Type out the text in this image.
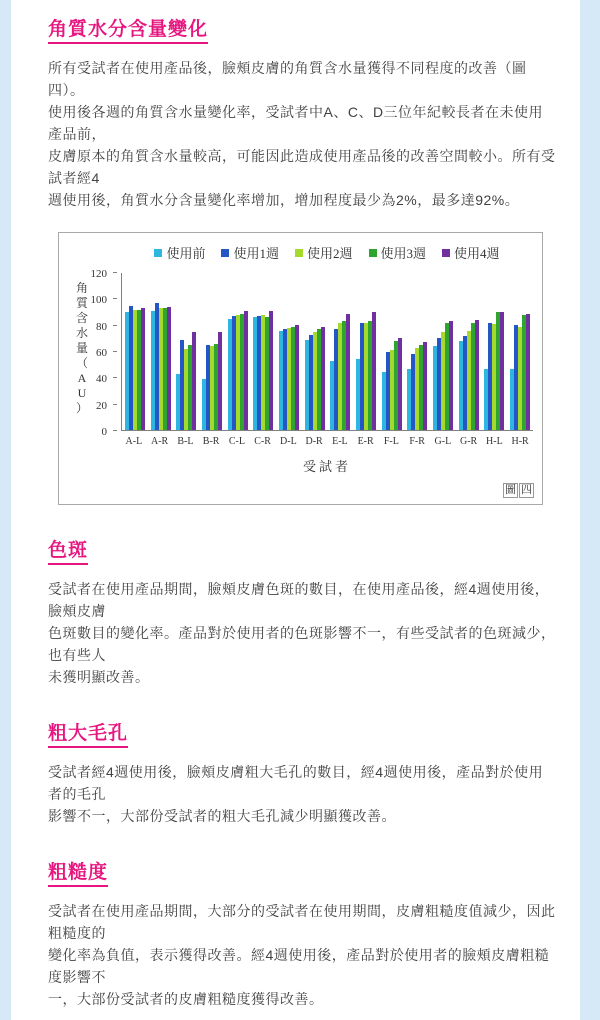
角質水分含量變化
所有受試者在使用產品後，臉頰皮膚的角質含水量獲得不同程度的改善（圖四）。
使用後各週的角質含水量變化率，受試者中A、C、D三位年紀較長者在未使用產品前，
皮膚原本的角質含水量較高，可能因此造成使用產品後的改善空間較小。所有受試者經4
週使用後，角質水分含量變化率增加，增加程度最少為2%，最多達92%。
使用前 使用1週 使用2週 使用3週 使用4週
角
質
含
水
量
（
A
U
）
0
20
40
60
80
100
120
A-L A-R B-L B-R C-L C-R D-L D-R E-L E-R	F-L	F-R G-L G-R H-L H-R
受試者
圖 四
色斑
受試者在使用產品期間，臉頰皮膚色斑的數目，在使用產品後，經4週使用後，臉頰皮膚
色斑數目的變化率。產品對於使用者的色斑影響不一，有些受試者的色斑減少，也有些人
未獲明顯改善。
粗大毛孔
受試者經4週使用後，臉頰皮膚粗大毛孔的數目，經4週使用後，產品對於使用者的毛孔
影響不一，大部份受試者的粗大毛孔減少明顯獲改善。
粗糙度
受試者在使用產品期間，大部分的受試者在使用期間，皮膚粗糙度值減少，因此粗糙度的
變化率為負值，表示獲得改善。經4週使用後，產品對於使用者的臉頰皮膚粗糙度影響不
一，大部份受試者的皮膚粗糙度獲得改善。
